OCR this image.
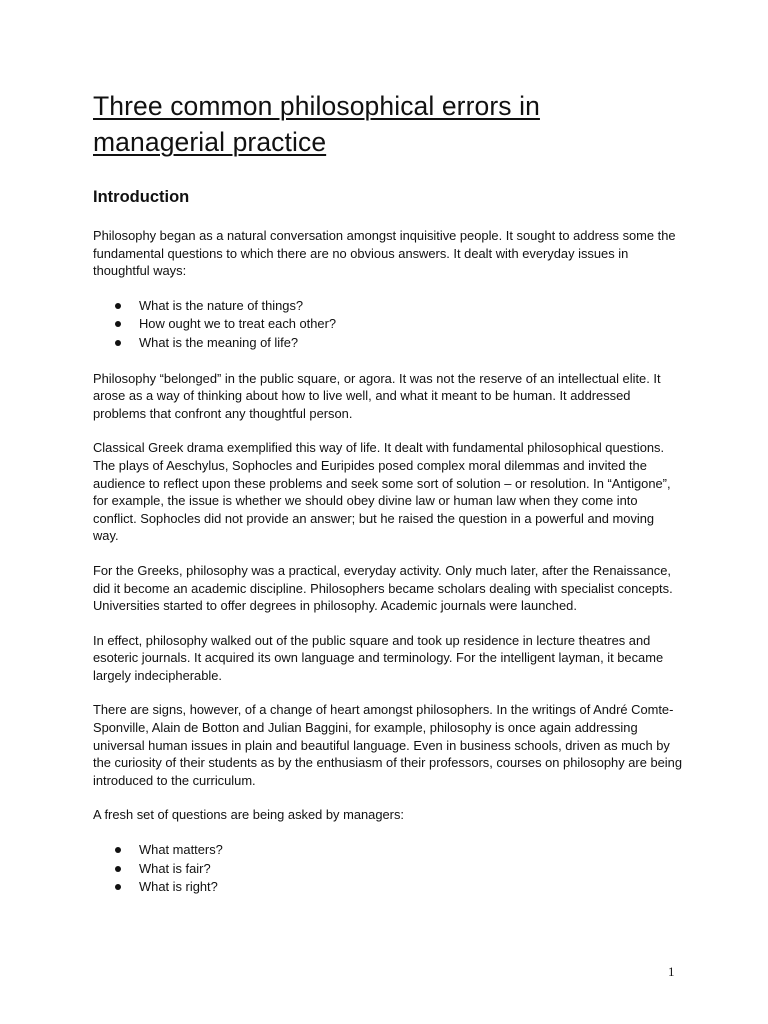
Three common philosophical errors in
managerial practice
Introduction

Philosophy began as a natural conversation amongst inquisitive people. It sought to address some the fundamental questions to which there are no obvious answers. It dealt with everyday issues in thoughtful ways:

What is the nature of things?
How ought we to treat each other?
What is the meaning of life?

Philosophy “belonged” in the public square, or agora. It was not the reserve of an intellectual elite. It arose as a way of thinking about how to live well, and what it meant to be human. It addressed problems that confront any thoughtful person.

Classical Greek drama exemplified this way of life. It dealt with fundamental philosophical questions. The plays of Aeschylus, Sophocles and Euripides posed complex moral dilemmas and invited the audience to reflect upon these problems and seek some sort of solution – or resolution. In “Antigone”, for example, the issue is whether we should obey divine law or human law when they come into conflict. Sophocles did not provide an answer; but he raised the question in a powerful and moving way.

For the Greeks, philosophy was a practical, everyday activity. Only much later, after the Renaissance, did it become an academic discipline. Philosophers became scholars dealing with specialist concepts. Universities started to offer degrees in philosophy. Academic journals were launched.

In effect, philosophy walked out of the public square and took up residence in lecture theatres and esoteric journals. It acquired its own language and terminology. For the intelligent layman, it became largely indecipherable.

There are signs, however, of a change of heart amongst philosophers. In the writings of André Comte-Sponville, Alain de Botton and Julian Baggini, for example, philosophy is once again addressing universal human issues in plain and beautiful language. Even in business schools, driven as much by the curiosity of their students as by the enthusiasm of their professors, courses on philosophy are being introduced to the curriculum.

A fresh set of questions are being asked by managers:

What matters?
What is fair?
What is right?
1
